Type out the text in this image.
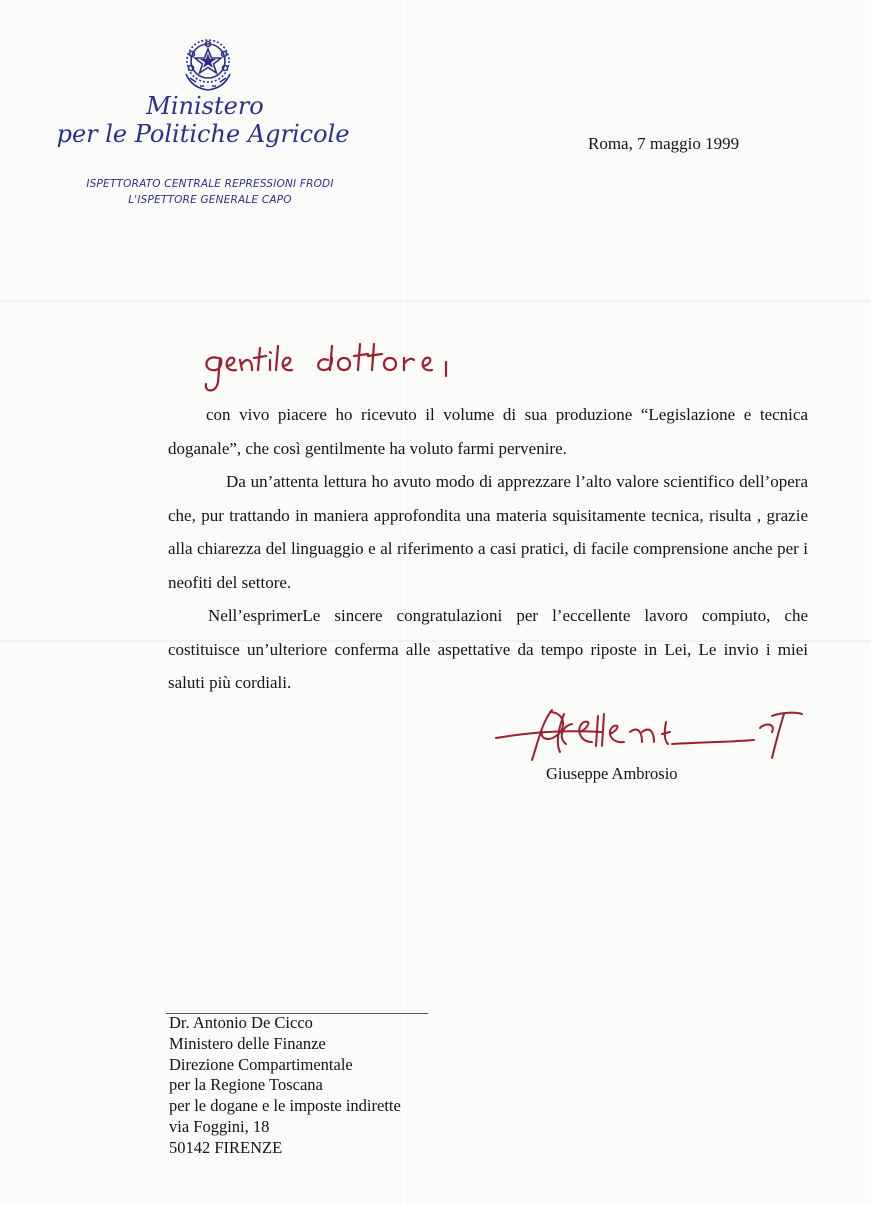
Ministero
per le Politiche Agricole
ISPETTORATO CENTRALE REPRESSIONI FRODI
L'ISPETTORE GENERALE CAPO
Roma, 7 maggio 1999

con vivo piacere ho ricevuto il volume di sua produzione “Legislazione e tecnica doganale”, che così gentilmente ha voluto farmi pervenire.

Da un’attenta lettura ho avuto modo di apprezzare l’alto valore scientifico dell’opera che, pur trattando in maniera approfondita una materia squisitamente tecnica, risulta , grazie alla chiarezza del linguaggio e al riferimento a casi pratici, di facile comprensione anche per i neofiti del settore.

Nell’esprimerLe sincere congratulazioni per l’eccellente lavoro compiuto, che costituisce un’ulteriore conferma alle aspettative da tempo riposte in Lei, Le invio i miei saluti più cordiali.

Giuseppe Ambrosio
Dr. Antonio De Cicco
Ministero delle Finanze
Direzione Compartimentale
per la Regione Toscana
per le dogane e le imposte indirette
via Foggini, 18
50142 FIRENZE
